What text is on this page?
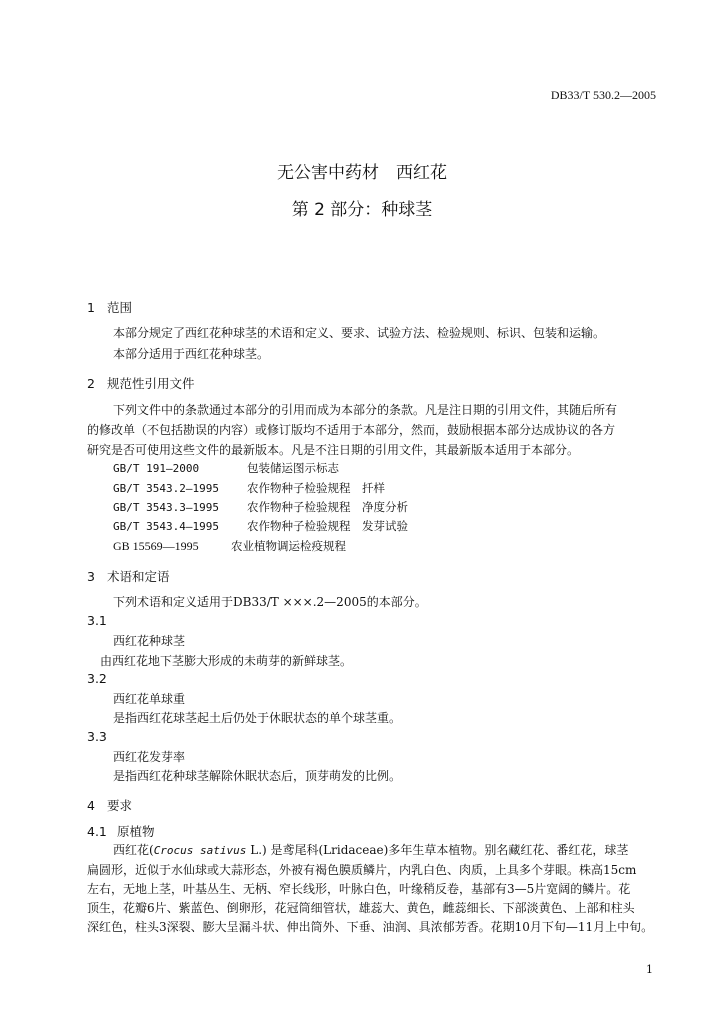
DB33/T 530.2—2005
无公害中药材　西红花
第 2 部分：种球茎
1 范围
本部分规定了西红花种球茎的术语和定义、要求、试验方法、检验规则、标识、包装和运输。
本部分适用于西红花种球茎。
2 规范性引用文件
下列文件中的条款通过本部分的引用而成为本部分的条款。凡是注日期的引用文件，其随后所有
的修改单（不包括勘误的内容）或修订版均不适用于本部分，然而，鼓励根据本部分达成协议的各方
研究是否可使用这些文件的最新版本。凡是不注日期的引用文件，其最新版本适用于本部分。
GB/T 191—2000	包装储运图示标志
GB/T 3543.2—1995 农作物种子检验规程　扦样
GB/T 3543.3—1995 农作物种子检验规程　净度分析
GB/T 3543.4—1995 农作物种子检验规程　发芽试验
GB 15569—1995	农业植物调运检疫规程
3 术语和定语
下列术语和定义适用于DB33/T ×××.2—2005的本部分。
3.1
西红花种球茎
由西红花地下茎膨大形成的未萌芽的新鲜球茎。
3.2
西红花单球重
是指西红花球茎起土后仍处于休眠状态的单个球茎重。
3.3
西红花发芽率
是指西红花种球茎解除休眠状态后，顶芽萌发的比例。
4 要求
4.1 原植物
西红花(Crocus sativus L.) 是鸢尾科(Lridaceae)多年生草本植物。别名藏红花、番红花，球茎
扁圆形，近似于水仙球或大蒜形态，外被有褐色膜质鳞片，内乳白色、肉质，上具多个芽眼。株高15cm
左右，无地上茎，叶基丛生、无柄、窄长线形，叶脉白色，叶缘稍反卷，基部有3—5片宽阔的鳞片。花
顶生，花瓣6片、紫蓝色、倒卵形，花冠筒细管状，雄蕊大、黄色，雌蕊细长、下部淡黄色、上部和柱头
深红色，柱头3深裂、膨大呈漏斗状、伸出筒外、下垂、油润、具浓郁芳香。花期10月下旬—11月上中旬。
1
